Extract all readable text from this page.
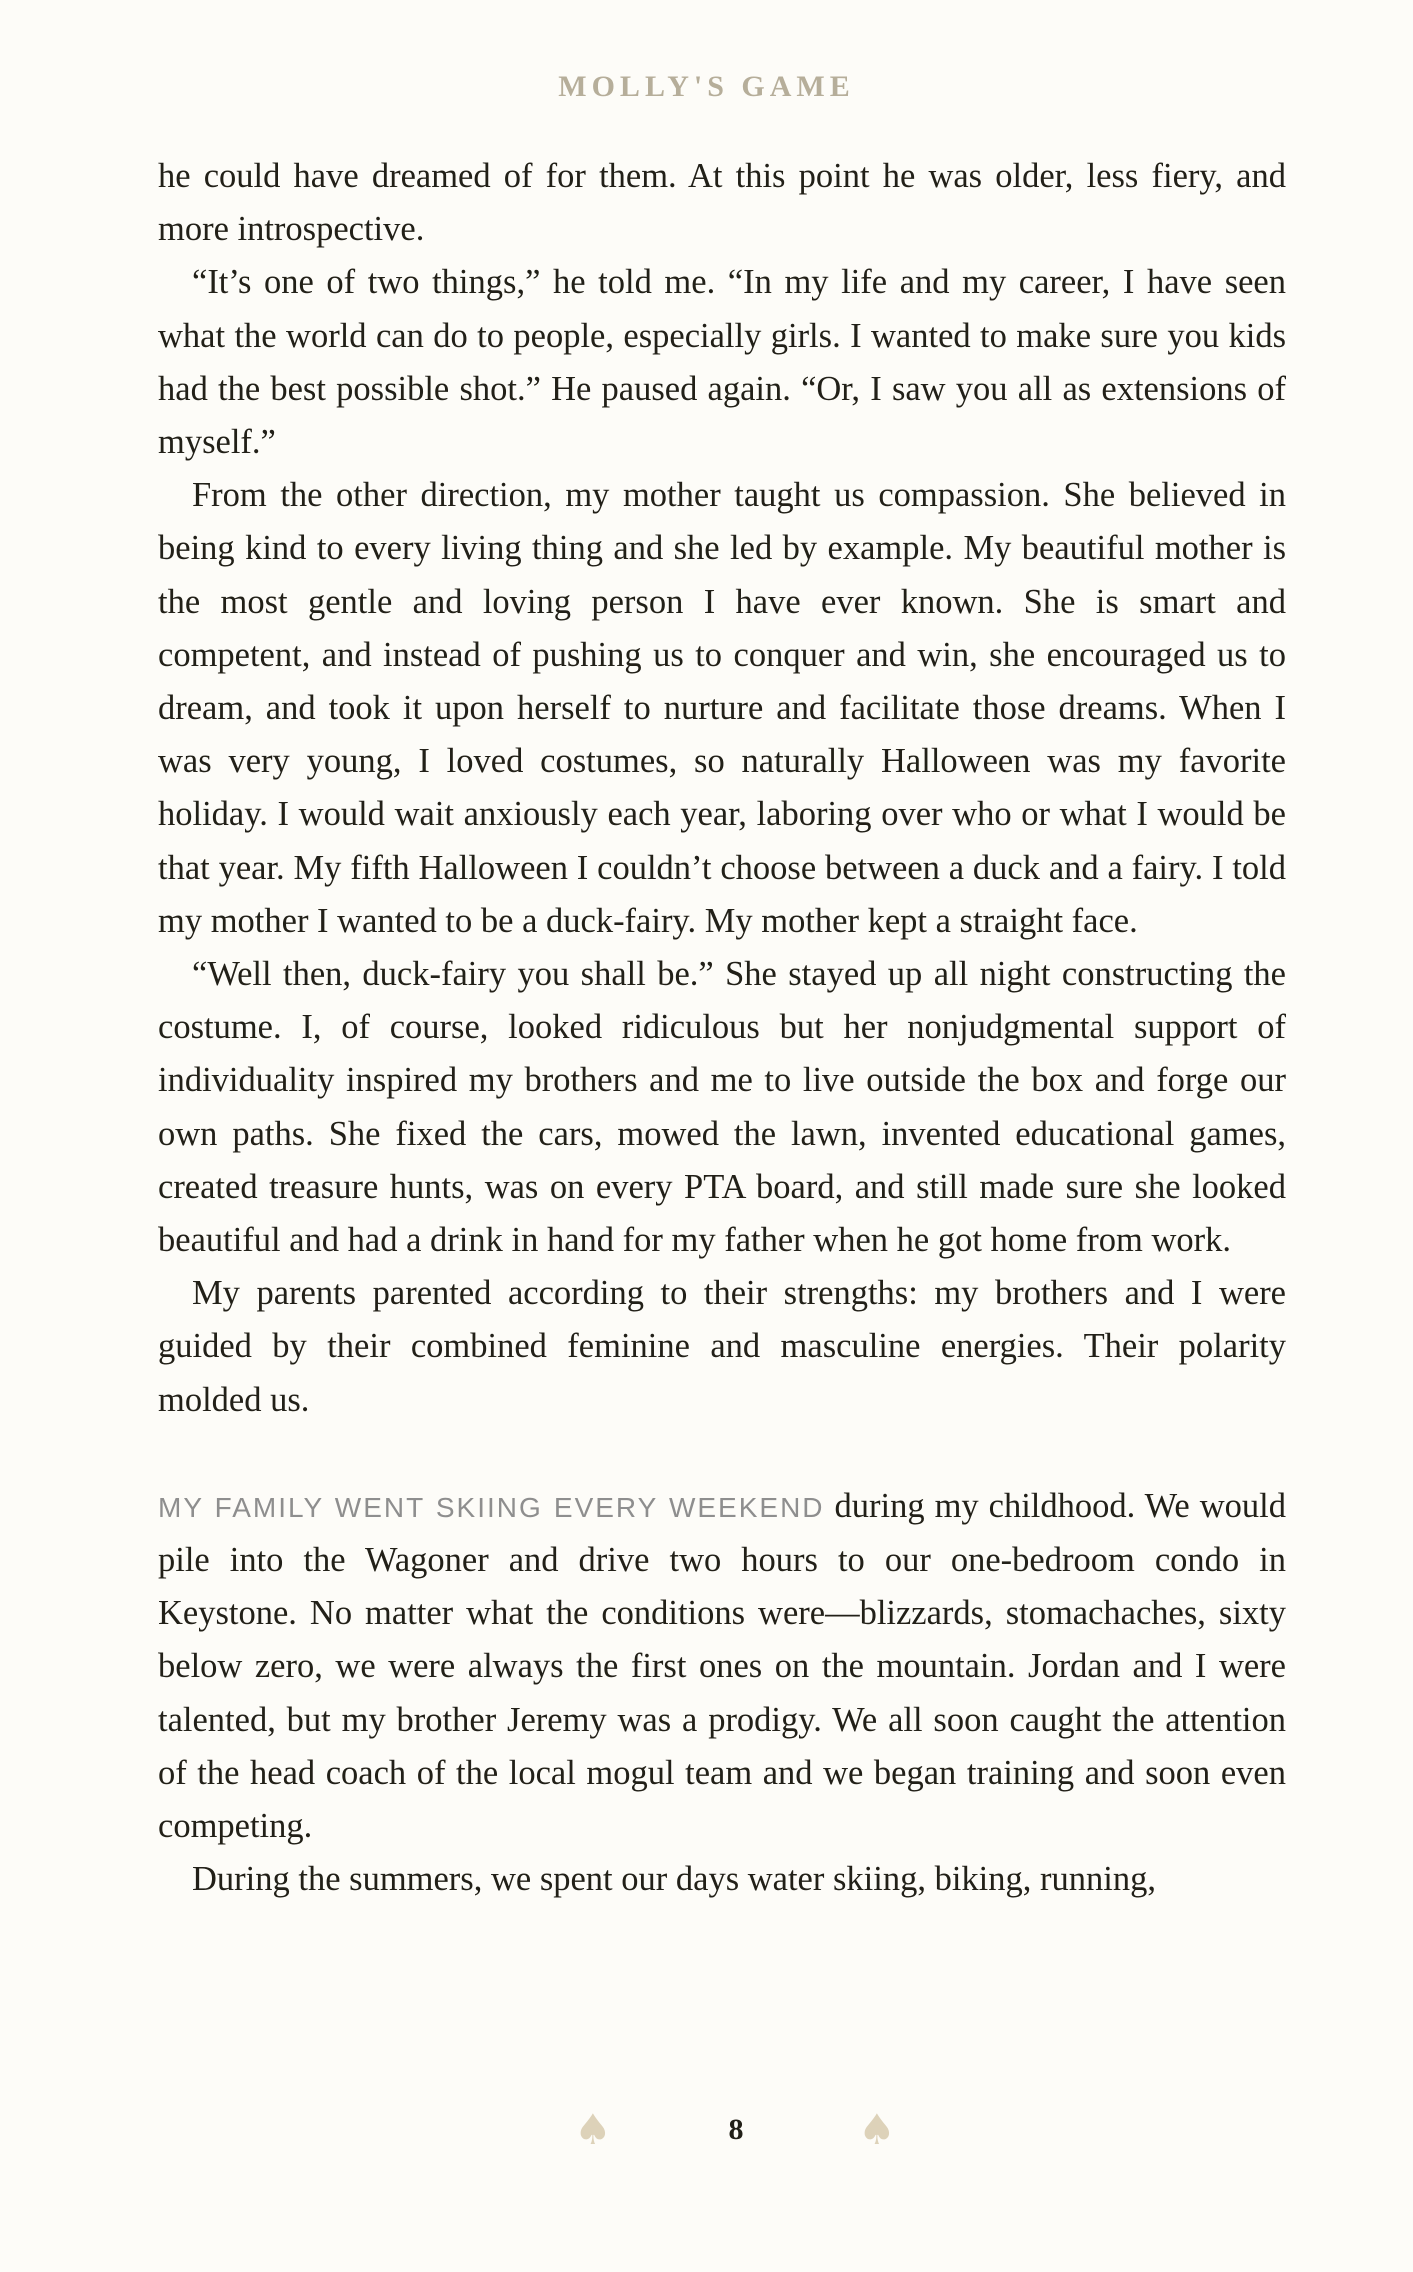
MOLLY'S GAME

he could have dreamed of for them. At this point he was older, less fiery, and more introspective.

“It’s one of two things,” he told me. “In my life and my career, I have seen what the world can do to people, especially girls. I wanted to make sure you kids had the best possible shot.” He paused again. “Or, I saw you all as extensions of myself.”

From the other direction, my mother taught us compassion. She believed in being kind to every living thing and she led by example. My beautiful mother is the most gentle and loving person I have ever known. She is smart and competent, and instead of pushing us to conquer and win, she encouraged us to dream, and took it upon herself to nurture and facilitate those dreams. When I was very young, I loved costumes, so naturally Halloween was my favorite holiday. I would wait anxiously each year, laboring over who or what I would be that year. My fifth Halloween I couldn’t choose between a duck and a fairy. I told my mother I wanted to be a duck-fairy. My mother kept a straight face.

“Well then, duck-fairy you shall be.” She stayed up all night constructing the costume. I, of course, looked ridiculous but her nonjudgmental support of individuality inspired my brothers and me to live outside the box and forge our own paths. She fixed the cars, mowed the lawn, invented educational games, created treasure hunts, was on every PTA board, and still made sure she looked beautiful and had a drink in hand for my father when he got home from work.

My parents parented according to their strengths: my brothers and I were guided by their combined feminine and masculine energies. Their polarity molded us.

MY FAMILY WENT SKIING EVERY WEEKEND during my childhood. We would pile into the Wagoner and drive two hours to our one-bedroom condo in Keystone. No matter what the conditions were—blizzards, stomachaches, sixty below zero, we were always the first ones on the mountain. Jordan and I were talented, but my brother Jeremy was a prodigy. We all soon caught the attention of the head coach of the local mogul team and we began training and soon even competing.

During the summers, we spent our days water skiing, biking, running,

♠	8	♠
